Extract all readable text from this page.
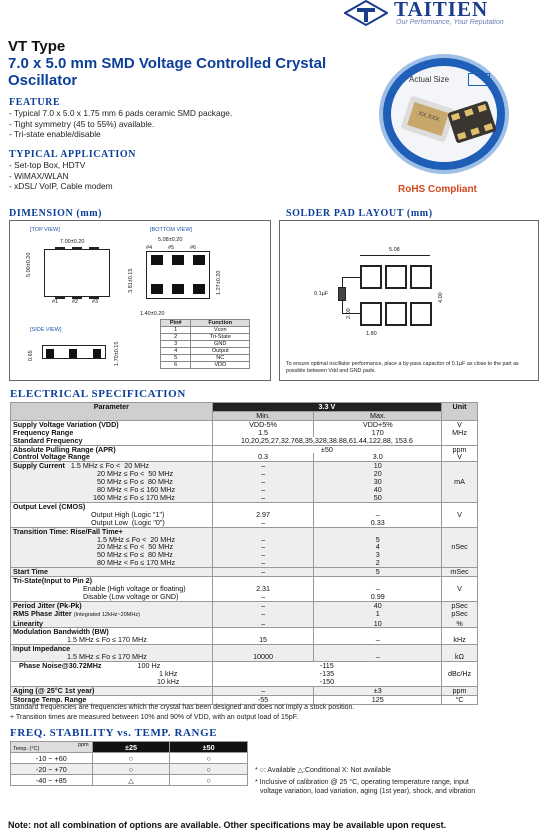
TAITIEN
Our Performance, Your Reputation
VT Type
7.0 x 5.0 mm SMD Voltage Controlled Crystal Oscillator	Actual Size
XX.XXX
RoHS Compliant
FEATURE
- Typical 7.0 x 5.0 x 1.75 mm 6 pads ceramic SMD package.
- Tight symmetry (45 to 55%) available.
- Tri-state enable/disable
TYPICAL APPLICATION
- Set-top Box, HDTV
- WiMAX/WLAN
- xDSL/ VoIP, Cable modem
DIMENSION (mm)
[TOP VIEW]	[BOTTOM VIEW]
7.00±0.20
5.00±0.20
#1	#2	#3
5.08±0.20
#4	#5	#6
3.81±0.15	1.27±0.20
1.40±0.20
[SIDE VIEW]
0.65	1.70±0.15
Pin#	Function
1	Vcon
2	Tri-State
3	GND
4	Output
5	NC
6	VDD
SOLDER PAD LAYOUT (mm)
5.08
0.1µF	4.00
2.00
1.80
To ensure optimal oscillator performance, place a by-pass capacitor of 0.1µF as close to the part as possible between Vdd and GND pads.
ELECTRICAL SPECIFICATION
Parameter	3.3 V		Unit
	Min.	Max.	
Supply Voltage Variation (VDD)	VDD-5%	VDD+5%	V
Frequency Range	1.5	170	MHz
Standard Frequency	10,20,25,27,32.768,35,328,38.88,61.44,122.88, 153.6		
Absolute Pulling Range (APR)	±50		ppm
Control Voltage Range	0.3	3.0	V
Supply Current 1.5 MHz ≤ Fo <  20 MHz	–	10	
20 MHz ≤ Fo <  50 MHz	–	20	
50 MHz ≤ Fo ≤  80 MHz	–	30	mA
80 MHz < Fo ≤ 160 MHz	–	40	
160 MHz ≤ Fo ≤ 170 MHz	–	50	
Output Level (CMOS)			
Output High (Logic "1")	2.97	–	V
Output Low  (Logic "0")	–	0.33	
Transition Time: Rise/Fall Time+			
1.5 MHz ≤ Fo <  20 MHz	–	5	
20 MHz ≤ Fo <  50 MHz	–	4	nSec
50 MHz ≤ Fo ≤  80 MHz	–	3	
80 MHz < Fo ≤ 170 MHz	–	2	
Start Time	–	5	mSec
Tri-State(Input to Pin 2)			
Enable (High voltage or floating)	2.31	–	V
Disable (Low voltage or GND)	–	0.99	
Period Jitter (Pk-Pk)	–	40	pSec
RMS Phase Jitter (Integrated 12kHz~20MHz)	–	1	pSec
Linearity	–	10	%
Modulation Bandwidth (BW)			
1.5 MHz ≤ Fo ≤ 170 MHz	15	–	kHz
Input Impedance			
1.5 MHz ≤ Fo ≤ 170 MHz	10000	–	kΩ
Phase Noise@30.72MHz 100 Hz	-115		
1 kHz	-135		dBc/Hz
10 kHz	-150		
Aging (@ 25°C 1st year)	–	±3	ppm
Storage Temp. Range	-55	125	°C
Standard frequencies are frequencies which the crystal has been designed and does not imply a stock position.
+ Transition times are measured between 10% and 90% of VDD, with an output load of 15pF.
FREQ. STABILITY vs. TEMP. RANGE
ppm
Temp. (°C)	±25	±50
-10 ~ +60	○	○
-20 ~ +70	○	○
-40 ~ +85	△	○
* ○: Available △:Conditional X: Not available
* Inclusive of calibration @ 25 °C, operating temperature range, input
voltage variation, load variation, aging (1st year), shock, and vibration
Note: not all combination of options are available. Other specifications may be available upon request.
